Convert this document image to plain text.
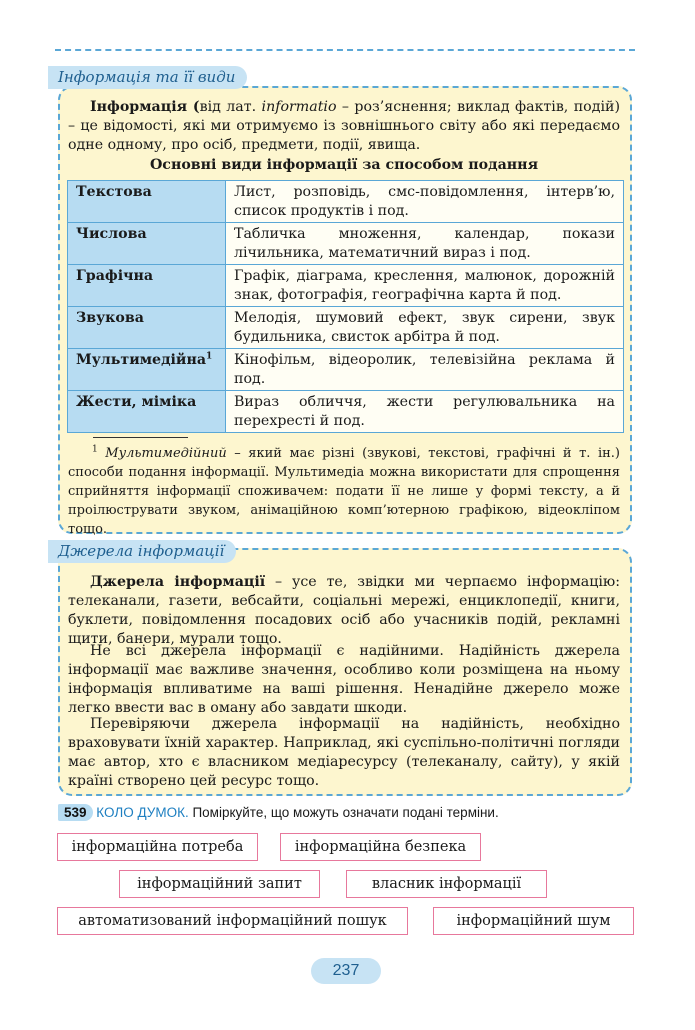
Інформація та її види
Інформація (від лат. informatio – роз’яснення; виклад фактів, подій) – це відомості, які ми отримуємо із зовнішнього світу або які передаємо одне одному, про осіб, предмети, події, явища.
Основні види інформації за способом подання
Текстова	Лист, розповідь, смс-повідомлення, інтерв’ю, список продуктів і под.
Числова	Табличка множення, календар, покази лічильника, математичний вираз і под.
Графічна	Графік, діаграма, креслення, малюнок, дорожній знак, фотографія, географічна карта й под.
Звукова	Мелодія, шумовий ефект, звук сирени, звук будильника, свисток арбітра й под.
Мультимедійна$^1$	Кінофільм, відеоролик, телевізійна реклама й под.
Жести, міміка	Вираз обличчя, жести регулювальника на перехресті й под.
$^1$ Мультимедійний – який має різні (звукові, текстові, графічні й т. ін.) способи подання інформації. Мультимедіа можна використати для спрощення сприйняття інформації споживачем: подати її не лише у формі тексту, а й проілюструвати звуком, анімаційною комп’ютерною графікою, відеокліпом тощо.
Джерела інформації
Джерела інформації – усе те, звідки ми черпаємо інформацію: телеканали, газети, вебсайти, соціальні мережі, енциклопедії, книги, буклети, повідомлення посадових осіб або учасників подій, рекламні щити, банери, мурали тощо.
Не всі джерела інформації є надійними. Надійність джерела інформації має важливе значення, особливо коли розміщена на ньому інформація впливатиме на ваші рішення. Ненадійне джерело може легко ввести вас в оману або завдати шкоди.
Перевіряючи джерела інформації на надійність, необхідно враховувати їхній характер. Наприклад, які суспільно-політичні погляди має автор, хто є власником медіаресурсу (телеканалу, сайту), у якій країні створено цей ресурс тощо.
539 КОЛО ДУМОК. Поміркуйте, що можуть означати подані терміни.
інформаційна потреба	інформаційна безпека
інформаційний запит	власник інформації
автоматизований інформаційний пошук	інформаційний шум
237
